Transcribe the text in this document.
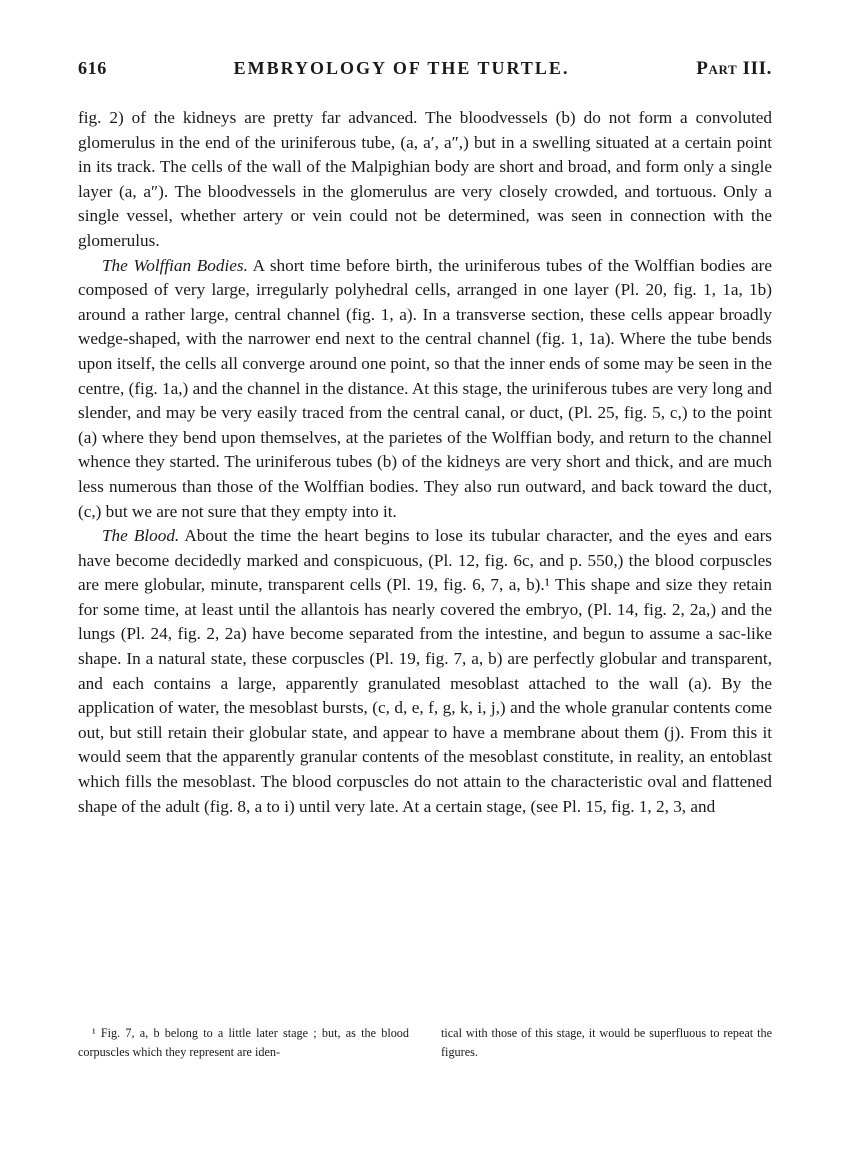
616	EMBRYOLOGY OF THE TURTLE.	Part III.

fig. 2) of the kidneys are pretty far advanced. The bloodvessels (b) do not form a convoluted glomerulus in the end of the uriniferous tube, (a, a′, a″,) but in a swelling situated at a certain point in its track. The cells of the wall of the Malpighian body are short and broad, and form only a single layer (a, a″). The bloodvessels in the glomerulus are very closely crowded, and tortuous. Only a single vessel, whether artery or vein could not be determined, was seen in connection with the glomerulus.

The Wolffian Bodies. A short time before birth, the uriniferous tubes of the Wolffian bodies are composed of very large, irregularly polyhedral cells, arranged in one layer (Pl. 20, fig. 1, 1a, 1b) around a rather large, central channel (fig. 1, a). In a transverse section, these cells appear broadly wedge-shaped, with the narrower end next to the central channel (fig. 1, 1a). Where the tube bends upon itself, the cells all converge around one point, so that the inner ends of some may be seen in the centre, (fig. 1a,) and the channel in the distance. At this stage, the uriniferous tubes are very long and slender, and may be very easily traced from the central canal, or duct, (Pl. 25, fig. 5, c,) to the point (a) where they bend upon themselves, at the parietes of the Wolffian body, and return to the channel whence they started. The uriniferous tubes (b) of the kidneys are very short and thick, and are much less numerous than those of the Wolffian bodies. They also run outward, and back toward the duct, (c,) but we are not sure that they empty into it.

The Blood. About the time the heart begins to lose its tubular character, and the eyes and ears have become decidedly marked and conspicuous, (Pl. 12, fig. 6c, and p. 550,) the blood corpuscles are mere globular, minute, transparent cells (Pl. 19, fig. 6, 7, a, b).¹ This shape and size they retain for some time, at least until the allantois has nearly covered the embryo, (Pl. 14, fig. 2, 2a,) and the lungs (Pl. 24, fig. 2, 2a) have become separated from the intestine, and begun to assume a sac-like shape. In a natural state, these corpuscles (Pl. 19, fig. 7, a, b) are perfectly globular and transparent, and each contains a large, apparently granulated mesoblast attached to the wall (a). By the application of water, the mesoblast bursts, (c, d, e, f, g, k, i, j,) and the whole granular contents come out, but still retain their globular state, and appear to have a membrane about them (j). From this it would seem that the apparently granular contents of the mesoblast constitute, in reality, an entoblast which fills the mesoblast. The blood corpuscles do not attain to the characteristic oval and flattened shape of the adult (fig. 8, a to i) until very late. At a certain stage, (see Pl. 15, fig. 1, 2, 3, and

¹ Fig. 7, a, b belong to a little later stage ; but, as the blood corpuscles which they represent are iden-
tical with those of this stage, it would be superfluous to repeat the figures.
